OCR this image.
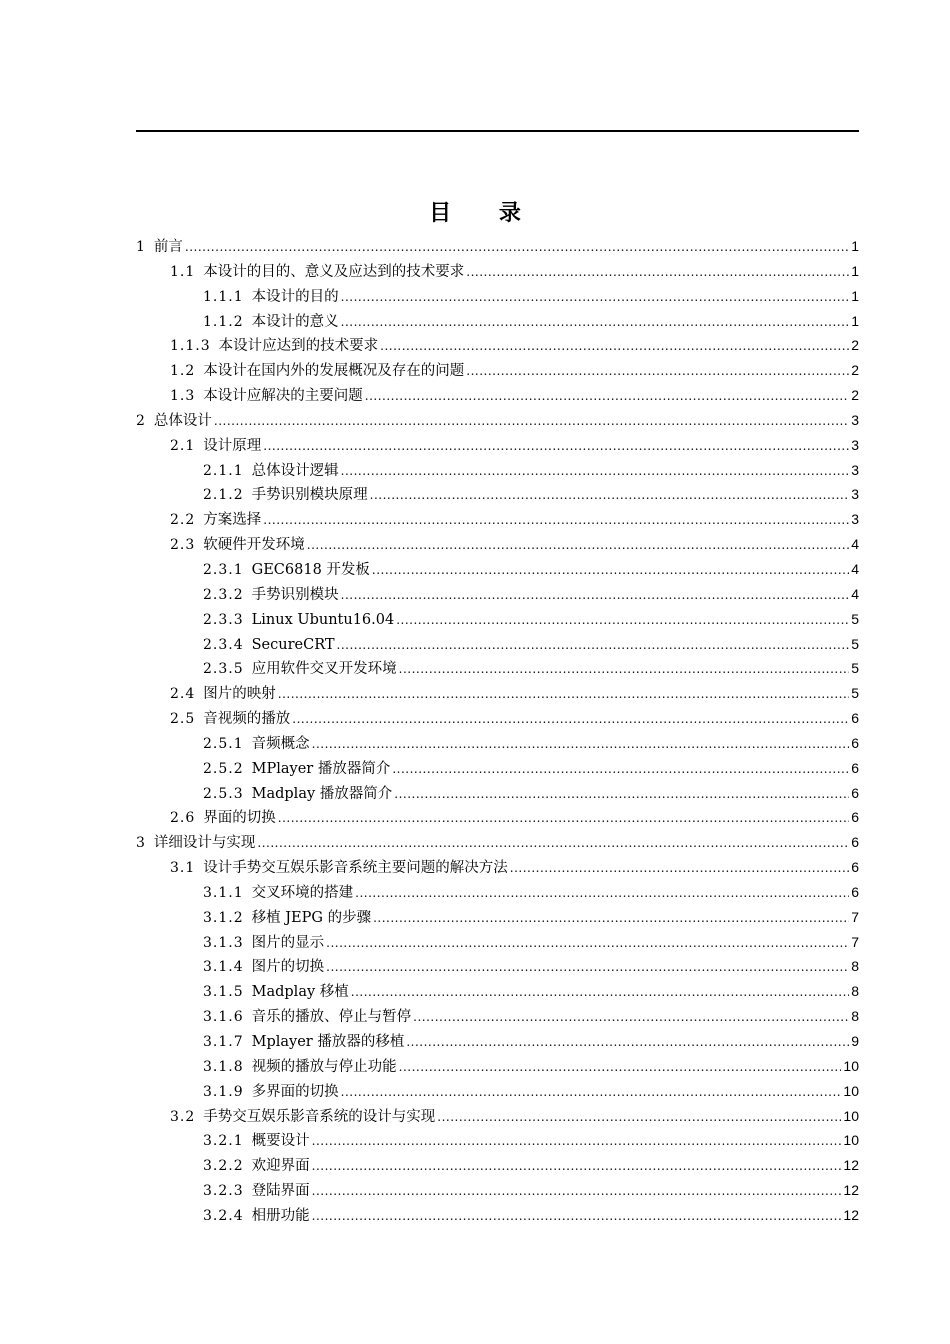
目 录
1 前言 .....	1
1.1 本设计的目的、意义及应达到的技术要求 .....	1
1.1.1 本设计的目的 .....	1
1.1.2 本设计的意义 .....	1
1.1.3 本设计应达到的技术要求 .....	2
1.2 本设计在国内外的发展概况及存在的问题 .....	2
1.3 本设计应解决的主要问题 .....	2
2 总体设计 .....	3
2.1 设计原理 .....	3
2.1.1 总体设计逻辑 .....	3
2.1.2 手势识别模块原理 .....	3
2.2 方案选择 .....	3
2.3 软硬件开发环境 .....	4
2.3.1 GEC6818 开发板 .....	4
2.3.2 手势识别模块 .....	4
2.3.3 Linux Ubuntu16.04 .....	5
2.3.4 SecureCRT .....	5
2.3.5 应用软件交叉开发环境 .....	5
2.4 图片的映射 .....	5
2.5 音视频的播放 .....	6
2.5.1 音频概念 .....	6
2.5.2 MPlayer 播放器简介 .....	6
2.5.3 Madplay 播放器简介 .....	6
2.6 界面的切换 .....	6
3 详细设计与实现 .....	6
3.1 设计手势交互娱乐影音系统主要问题的解决方法 .....	6
3.1.1 交叉环境的搭建 .....	6
3.1.2 移植 JEPG 的步骤 .....	7
3.1.3 图片的显示 .....	7
3.1.4 图片的切换 .....	8
3.1.5 Madplay 移植 .....	8
3.1.6 音乐的播放、停止与暂停 .....	8
3.1.7 Mplayer 播放器的移植 .....	9
3.1.8 视频的播放与停止功能 .....	10
3.1.9 多界面的切换 .....	10
3.2 手势交互娱乐影音系统的设计与实现 .....	10
3.2.1 概要设计 .....	10
3.2.2 欢迎界面 .....	12
3.2.3 登陆界面 .....	12
3.2.4 相册功能 .....	12
